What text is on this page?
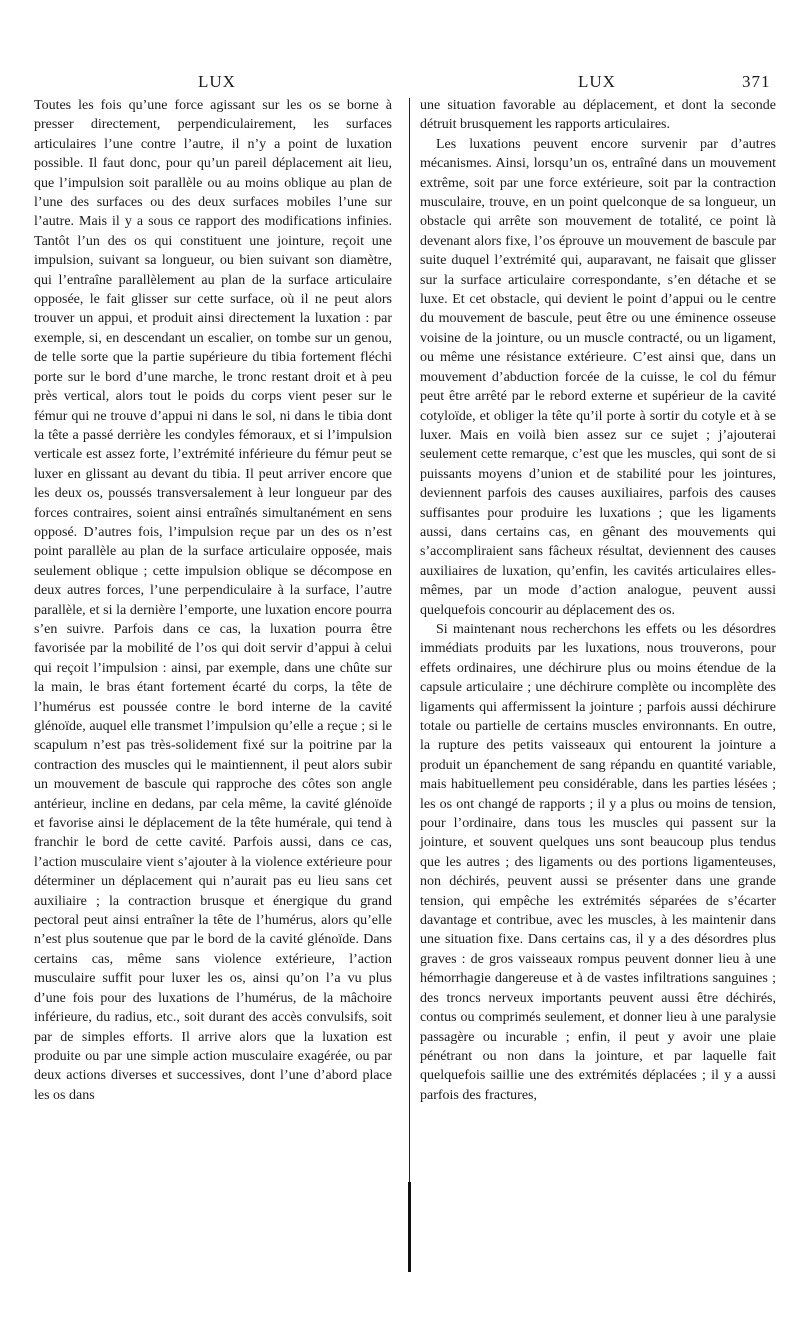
LUX	LUX	371

Toutes les fois qu’une force agissant sur les os se borne à presser directement, perpendiculairement, les surfaces articulaires l’une contre l’autre, il n’y a point de luxation possible. Il faut donc, pour qu’un pareil déplacement ait lieu, que l’impulsion soit parallèle ou au moins oblique au plan de l’une des surfaces ou des deux surfaces mobiles l’une sur l’autre. Mais il y a sous ce rapport des modifications infinies. Tantôt l’un des os qui constituent une jointure, reçoit une impulsion, suivant sa longueur, ou bien suivant son diamètre, qui l’entraîne parallèlement au plan de la surface articulaire opposée, le fait glisser sur cette surface, où il ne peut alors trouver un appui, et produit ainsi directement la luxation : par exemple, si, en descendant un escalier, on tombe sur un genou, de telle sorte que la partie supérieure du tibia fortement fléchi porte sur le bord d’une marche, le tronc restant droit et à peu près vertical, alors tout le poids du corps vient peser sur le fémur qui ne trouve d’appui ni dans le sol, ni dans le tibia dont la tête a passé derrière les condyles fémoraux, et si l’impulsion verticale est assez forte, l’extrémité inférieure du fémur peut se luxer en glissant au devant du tibia. Il peut arriver encore que les deux os, poussés transversalement à leur longueur par des forces contraires, soient ainsi entraînés simultanément en sens opposé. D’autres fois, l’impulsion reçue par un des os n’est point parallèle au plan de la surface articulaire opposée, mais seulement oblique ; cette impulsion oblique se décompose en deux autres forces, l’une perpendiculaire à la surface, l’autre parallèle, et si la dernière l’emporte, une luxation encore pourra s’en suivre. Parfois dans ce cas, la luxation pourra être favorisée par la mobilité de l’os qui doit servir d’appui à celui qui reçoit l’impulsion : ainsi, par exemple, dans une chûte sur la main, le bras étant fortement écarté du corps, la tête de l’humérus est poussée contre le bord interne de la cavité glénoïde, auquel elle transmet l’impulsion qu’elle a reçue ; si le scapulum n’est pas très-solidement fixé sur la poitrine par la contraction des muscles qui le maintiennent, il peut alors subir un mouvement de bascule qui rapproche des côtes son angle antérieur, incline en dedans, par cela même, la cavité glénoïde et favorise ainsi le déplacement de la tête humérale, qui tend à franchir le bord de cette cavité. Parfois aussi, dans ce cas, l’action musculaire vient s’ajouter à la violence extérieure pour déterminer un déplacement qui n’aurait pas eu lieu sans cet auxiliaire ; la contraction brusque et énergique du grand pectoral peut ainsi entraîner la tête de l’humérus, alors qu’elle n’est plus soutenue que par le bord de la cavité glénoïde. Dans certains cas, même sans violence extérieure, l’action musculaire suffit pour luxer les os, ainsi qu’on l’a vu plus d’une fois pour des luxations de l’humérus, de la mâchoire inférieure, du radius, etc., soit durant des accès convulsifs, soit par de simples efforts. Il arrive alors que la luxation est produite ou par une simple action musculaire exagérée, ou par deux actions diverses et successives, dont l’une d’abord place les os dans

une situation favorable au déplacement, et dont la seconde détruit brusquement les rapports articulaires.

Les luxations peuvent encore survenir par d’autres mécanismes. Ainsi, lorsqu’un os, entraîné dans un mouvement extrême, soit par une force extérieure, soit par la contraction musculaire, trouve, en un point quelconque de sa longueur, un obstacle qui arrête son mouvement de totalité, ce point là devenant alors fixe, l’os éprouve un mouvement de bascule par suite duquel l’extrémité qui, auparavant, ne faisait que glisser sur la surface articulaire correspondante, s’en détache et se luxe. Et cet obstacle, qui devient le point d’appui ou le centre du mouvement de bascule, peut être ou une éminence osseuse voisine de la jointure, ou un muscle contracté, ou un ligament, ou même une résistance extérieure. C’est ainsi que, dans un mouvement d’abduction forcée de la cuisse, le col du fémur peut être arrêté par le rebord externe et supérieur de la cavité cotyloïde, et obliger la tête qu’il porte à sortir du cotyle et à se luxer. Mais en voilà bien assez sur ce sujet ; j’ajouterai seulement cette remarque, c’est que les muscles, qui sont de si puissants moyens d’union et de stabilité pour les jointures, deviennent parfois des causes auxiliaires, parfois des causes suffisantes pour produire les luxations ; que les ligaments aussi, dans certains cas, en gênant des mouvements qui s’accompliraient sans fâcheux résultat, deviennent des causes auxiliaires de luxation, qu’enfin, les cavités articulaires elles-mêmes, par un mode d’action analogue, peuvent aussi quelquefois concourir au déplacement des os.

Si maintenant nous recherchons les effets ou les désordres immédiats produits par les luxations, nous trouverons, pour effets ordinaires, une déchirure plus ou moins étendue de la capsule articulaire ; une déchirure complète ou incomplète des ligaments qui affermissent la jointure ; parfois aussi déchirure totale ou partielle de certains muscles environnants. En outre, la rupture des petits vaisseaux qui entourent la jointure a produit un épanchement de sang répandu en quantité variable, mais habituellement peu considérable, dans les parties lésées ; les os ont changé de rapports ; il y a plus ou moins de tension, pour l’ordinaire, dans tous les muscles qui passent sur la jointure, et souvent quelques uns sont beaucoup plus tendus que les autres ; des ligaments ou des portions ligamenteuses, non déchirés, peuvent aussi se présenter dans une grande tension, qui empêche les extrémités séparées de s’écarter davantage et contribue, avec les muscles, à les maintenir dans une situation fixe. Dans certains cas, il y a des désordres plus graves : de gros vaisseaux rompus peuvent donner lieu à une hémorrhagie dangereuse et à de vastes infiltrations sanguines ; des troncs nerveux importants peuvent aussi être déchirés, contus ou comprimés seulement, et donner lieu à une paralysie passagère ou incurable ; enfin, il peut y avoir une plaie pénétrant ou non dans la jointure, et par laquelle fait quelquefois saillie une des extrémités déplacées ; il y a aussi parfois des fractures,
